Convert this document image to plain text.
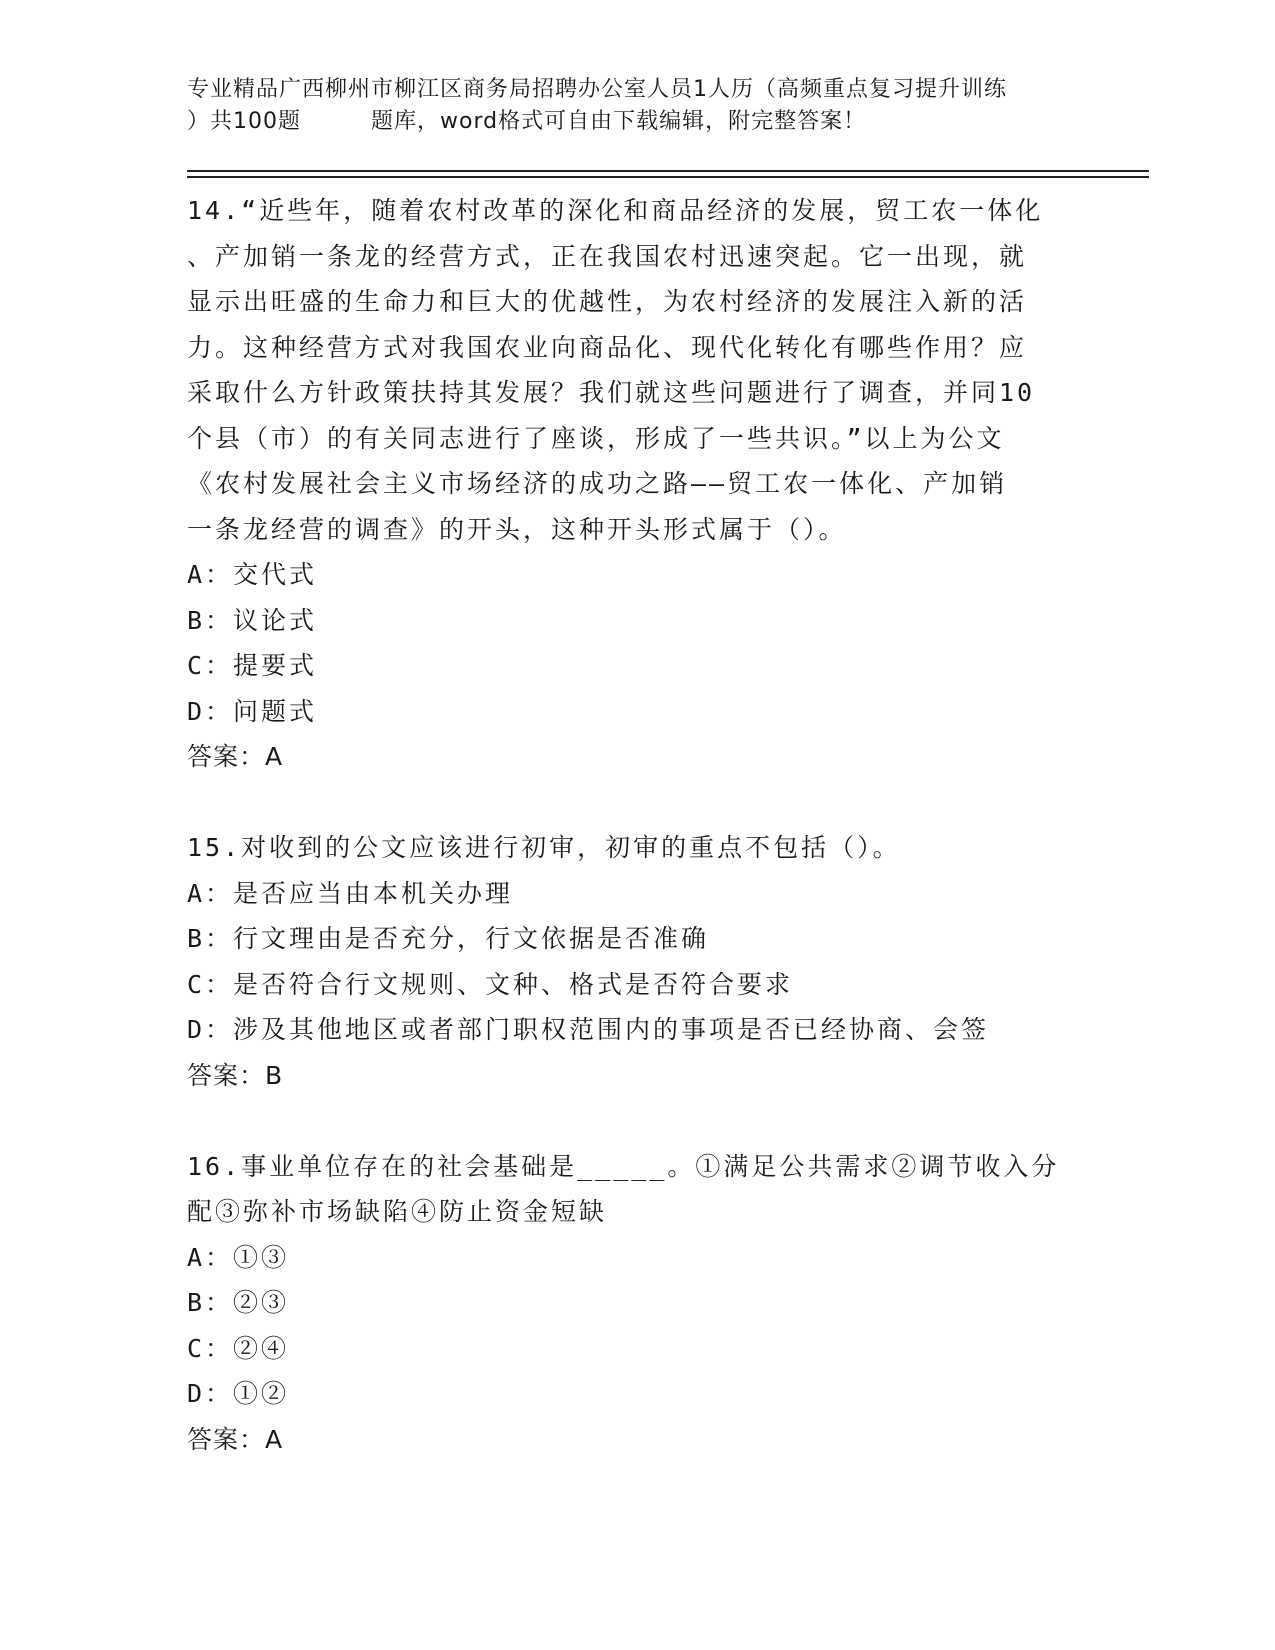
专业精品广西柳州市柳江区商务局招聘办公室人员1人历（高频重点复习提升训练
）共100题	题库，word格式可自由下载编辑，附完整答案！
14.“近些年，随着农村改革的深化和商品经济的发展，贸工农一体化
、产加销一条龙的经营方式，正在我国农村迅速突起。它一出现，就
显示出旺盛的生命力和巨大的优越性，为农村经济的发展注入新的活
力。这种经营方式对我国农业向商品化、现代化转化有哪些作用？应
采取什么方针政策扶持其发展？我们就这些问题进行了调查，并同10
个县（市）的有关同志进行了座谈，形成了一些共识。”以上为公文
《农村发展社会主义市场经济的成功之路——贸工农一体化、产加销
一条龙经营的调查》的开头，这种开头形式属于（）。
A：交代式
B：议论式
C：提要式
D：问题式
答案：A
15.对收到的公文应该进行初审，初审的重点不包括（）。
A：是否应当由本机关办理
B：行文理由是否充分，行文依据是否准确
C：是否符合行文规则、文种、格式是否符合要求
D：涉及其他地区或者部门职权范围内的事项是否已经协商、会签
答案：B
16.事业单位存在的社会基础是_____。①满足公共需求②调节收入分
配③弥补市场缺陷④防止资金短缺
A：①③
B：②③
C：②④
D：①②
答案：A
